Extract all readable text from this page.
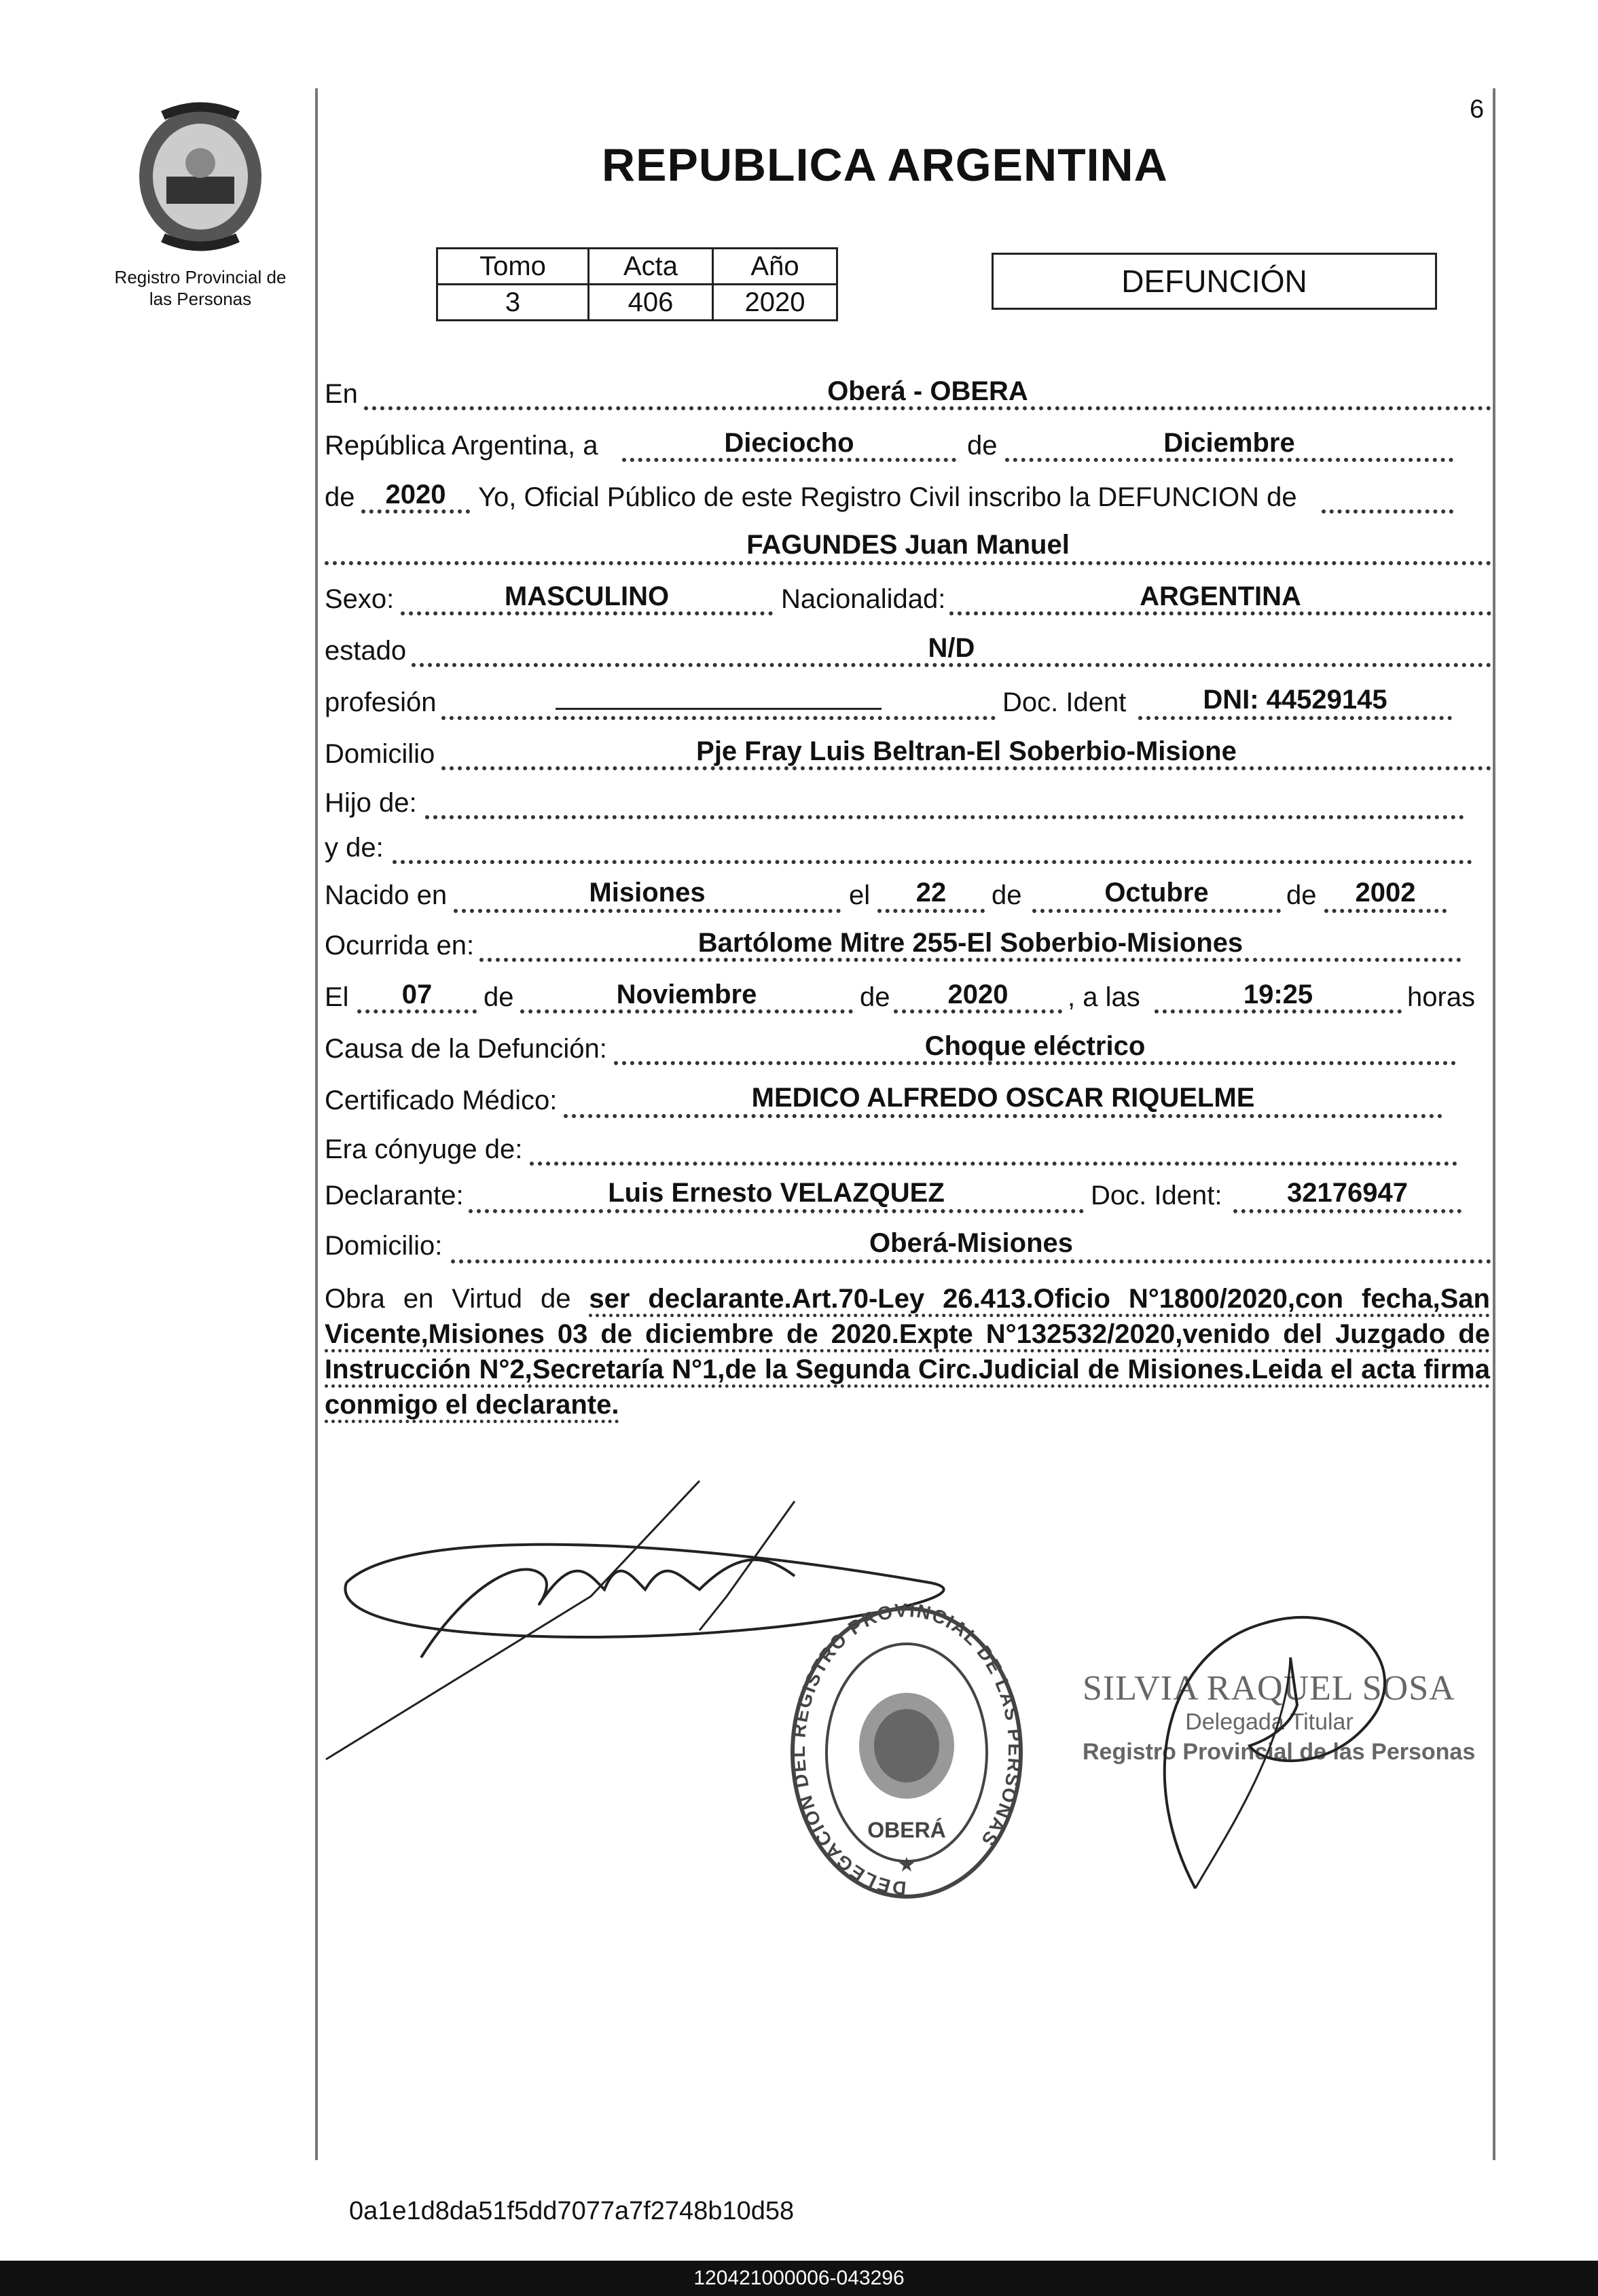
6
Registro Provincial de las Personas
REPUBLICA ARGENTINA
Tomo	Acta	Año
3	406	2020
DEFUNCIÓN
En	Oberá - OBERA
República Argentina, a	Dieciocho	de	Diciembre
de	2020	Yo, Oficial Público de este Registro Civil inscribo la DEFUNCION de
FAGUNDES Juan Manuel
Sexo:	MASCULINO	Nacionalidad:	ARGENTINA
estado	N/D
profesión	Doc. Ident	DNI: 44529145
Domicilio	Pje Fray Luis Beltran-El Soberbio-Misione
Hijo de:
y de:
Nacido en	Misiones	el	22	de	Octubre	de	2002
Ocurrida en:	Bartólome Mitre 255-El Soberbio-Misiones
El	07	de	Noviembre	de	2020	, a las	19:25	horas
Causa de la Defunción:	Choque eléctrico
Certificado Médico:	MEDICO ALFREDO OSCAR RIQUELME
Era cónyuge de:
Declarante:	Luis Ernesto VELAZQUEZ	Doc. Ident:	32176947
Domicilio:	Oberá-Misiones
Obra en Virtud de ser declarante.Art.70-Ley 26.413.Oficio N°1800/2020,con fecha,San Vicente,Misiones 03 de diciembre de 2020.Expte N°132532/2020,venido del Juzgado de Instrucción N°2,Secretaría N°1,de la Segunda Circ.Judicial de Misiones.Leida el acta firma conmigo el declarante.
DELEGACION DEL REGISTRO PROVINCIAL DE LAS PERSONAS
OBERÁ
★
SILVIA RAQUEL SOSA
Delegada Titular
Registro Provincial de las Personas
0a1e1d8da51f5dd7077a7f2748b10d58
120421000006-043296
